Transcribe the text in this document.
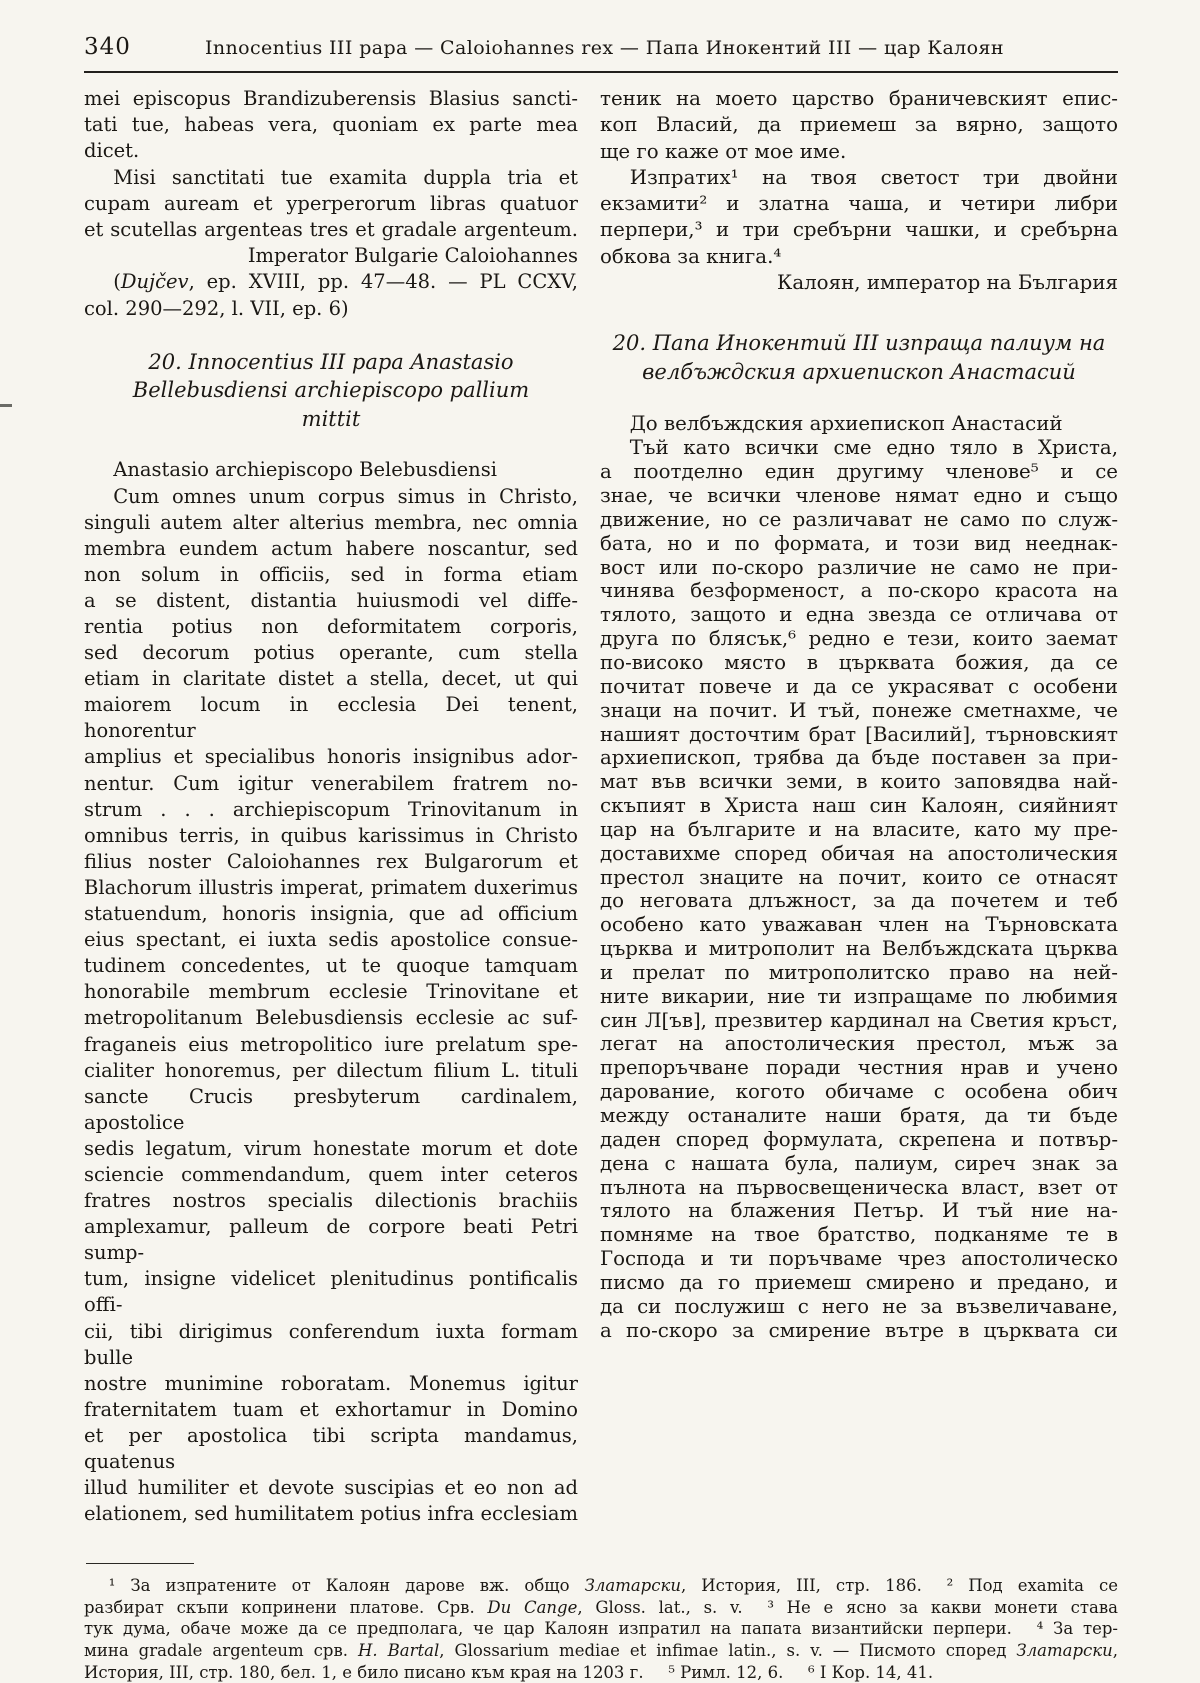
340	Innocentius III papa — Caloiohannes rex — Папа Инокентий III — цар Калоян
mei episcopus Brandizuberensis Blasius sancti-
tati tue, habeas vera, quoniam ex parte mea
dicet.
Misi sanctitati tue examita duppla tria et
cupam auream et yperperorum libras quatuor
et scutellas argenteas tres et gradale argenteum.
Imperator Bulgarie Caloiohannes
(Dujčev, ep. XVIII, pp. 47—48. — PL CCXV,
col. 290—292, l. VII, ep. 6)
20. Innocentius III papa Anastasio
Bellebusdiensi archiepiscopo pallium
mittit
Anastasio archiepiscopo Belebusdiensi
Cum omnes unum corpus simus in Christo,
singuli autem alter alterius membra, nec omnia
membra eundem actum habere noscantur, sed
non solum in officiis, sed in forma etiam
a se distent, distantia huiusmodi vel diffe-
rentia potius non deformitatem corporis,
sed decorum potius operante, cum stella
etiam in claritate distet a stella, decet, ut qui
maiorem locum in ecclesia Dei tenent, honorentur
amplius et specialibus honoris insignibus ador-
nentur. Cum igitur venerabilem fratrem no-
strum . . . archiepiscopum Trinovitanum in
omnibus terris, in quibus karissimus in Christo
filius noster Caloiohannes rex Bulgarorum et
Blachorum illustris imperat, primatem duxerimus
statuendum, honoris insignia, que ad officium
eius spectant, ei iuxta sedis apostolice consue-
tudinem concedentes, ut te quoque tamquam
honorabile membrum ecclesie Trinovitane et
metropolitanum Belebusdiensis ecclesie ac suf-
fraganeis eius metropolitico iure prelatum spe-
cialiter honoremus, per dilectum filium L. tituli
sancte Crucis presbyterum cardinalem, apostolice
sedis legatum, virum honestate morum et dote
sciencie commendandum, quem inter ceteros
fratres nostros specialis dilectionis brachiis
amplexamur, palleum de corpore beati Petri sump-
tum, insigne videlicet plenitudinus pontificalis offi-
cii, tibi dirigimus conferendum iuxta formam bulle
nostre munimine roboratam. Monemus igitur
fraternitatem tuam et exhortamur in Domino
et per apostolica tibi scripta mandamus, quatenus
illud humiliter et devote suscipias et eo non ad
elationem, sed humilitatem potius infra ecclesiam
теник на моето царство браничевският епис-
коп Власий, да приемеш за вярно, защото
ще го каже от мое име.
Изпратих¹ на твоя светост три двойни
екзамити² и златна чаша, и четири либри
перпери,³ и три сребърни чашки, и сребърна
обкова за книга.⁴
Калоян, император на България
20. Папа Инокентий III изпраща палиум на
велбъждския архиепископ Анастасий
До велбъждския архиепископ Анастасий
Тъй като всички сме едно тяло в Христа,
а поотделно един другиму членове⁵ и се
знае, че всички членове нямат едно и също
движение, но се различават не само по служ-
бата, но и по формата, и този вид нееднак-
вост или по-скоро различие не само не при-
чинява безформеност, а по-скоро красота на
тялото, защото и една звезда се отличава от
друга по блясък,⁶ редно е тези, които заемат
по-високо място в църквата божия, да се
почитат повече и да се украсяват с особени
знаци на почит. И тъй, понеже сметнахме, че
нашият досточтим брат [Василий], търновският
архиепископ, трябва да бъде поставен за при-
мат във всички земи, в които заповядва най-
скъпият в Христа наш син Калоян, сияйният
цар на българите и на власите, като му пре-
доставихме според обичая на апостолическия
престол знаците на почит, които се отнасят
до неговата длъжност, за да почетем и теб
особено като уважаван член на Търновската
църква и митрополит на Велбъждската църква
и прелат по митрополитско право на ней-
ните викарии, ние ти изпращаме по любимия
син Л[ъв], презвитер кардинал на Светия кръст,
легат на апостолическия престол, мъж за
препоръчване поради честния нрав и учено
дарование, когото обичаме с особена обич
между останалите наши братя, да ти бъде
даден според формулата, скрепена и потвър-
дена с нашата була, палиум, сиреч знак за
пълнота на първосвещеническа власт, взет от
тялото на блажения Петър. И тъй ние на-
помняме на твое братство, подканяме те в
Господа и ти поръчваме чрез апостолическо
писмо да го приемеш смирено и предано, и
да си послужиш с него не за възвеличаване,
а по-скоро за смирение вътре в църквата си
¹ За изпратените от Калоян дарове вж. общо Златарски, История, III, стр. 186.  ² Под examita се
разбират скъпи копринени платове. Срв. Du Cange, Gloss. lat., s. v.  ³ Не е ясно за какви монети става
тук дума, обаче може да се предполага, че цар Калоян изпратил на папата византийски перпери.  ⁴ За тер-
мина gradale argenteum срв. H. Bartal, Glossarium mediae et infimae latin., s. v. — Писмото според Златарски,
История, III, стр. 180, бел. 1, е било писано към края на 1203 г.  ⁵ Римл. 12, 6.  ⁶ I Кор. 14, 41.
